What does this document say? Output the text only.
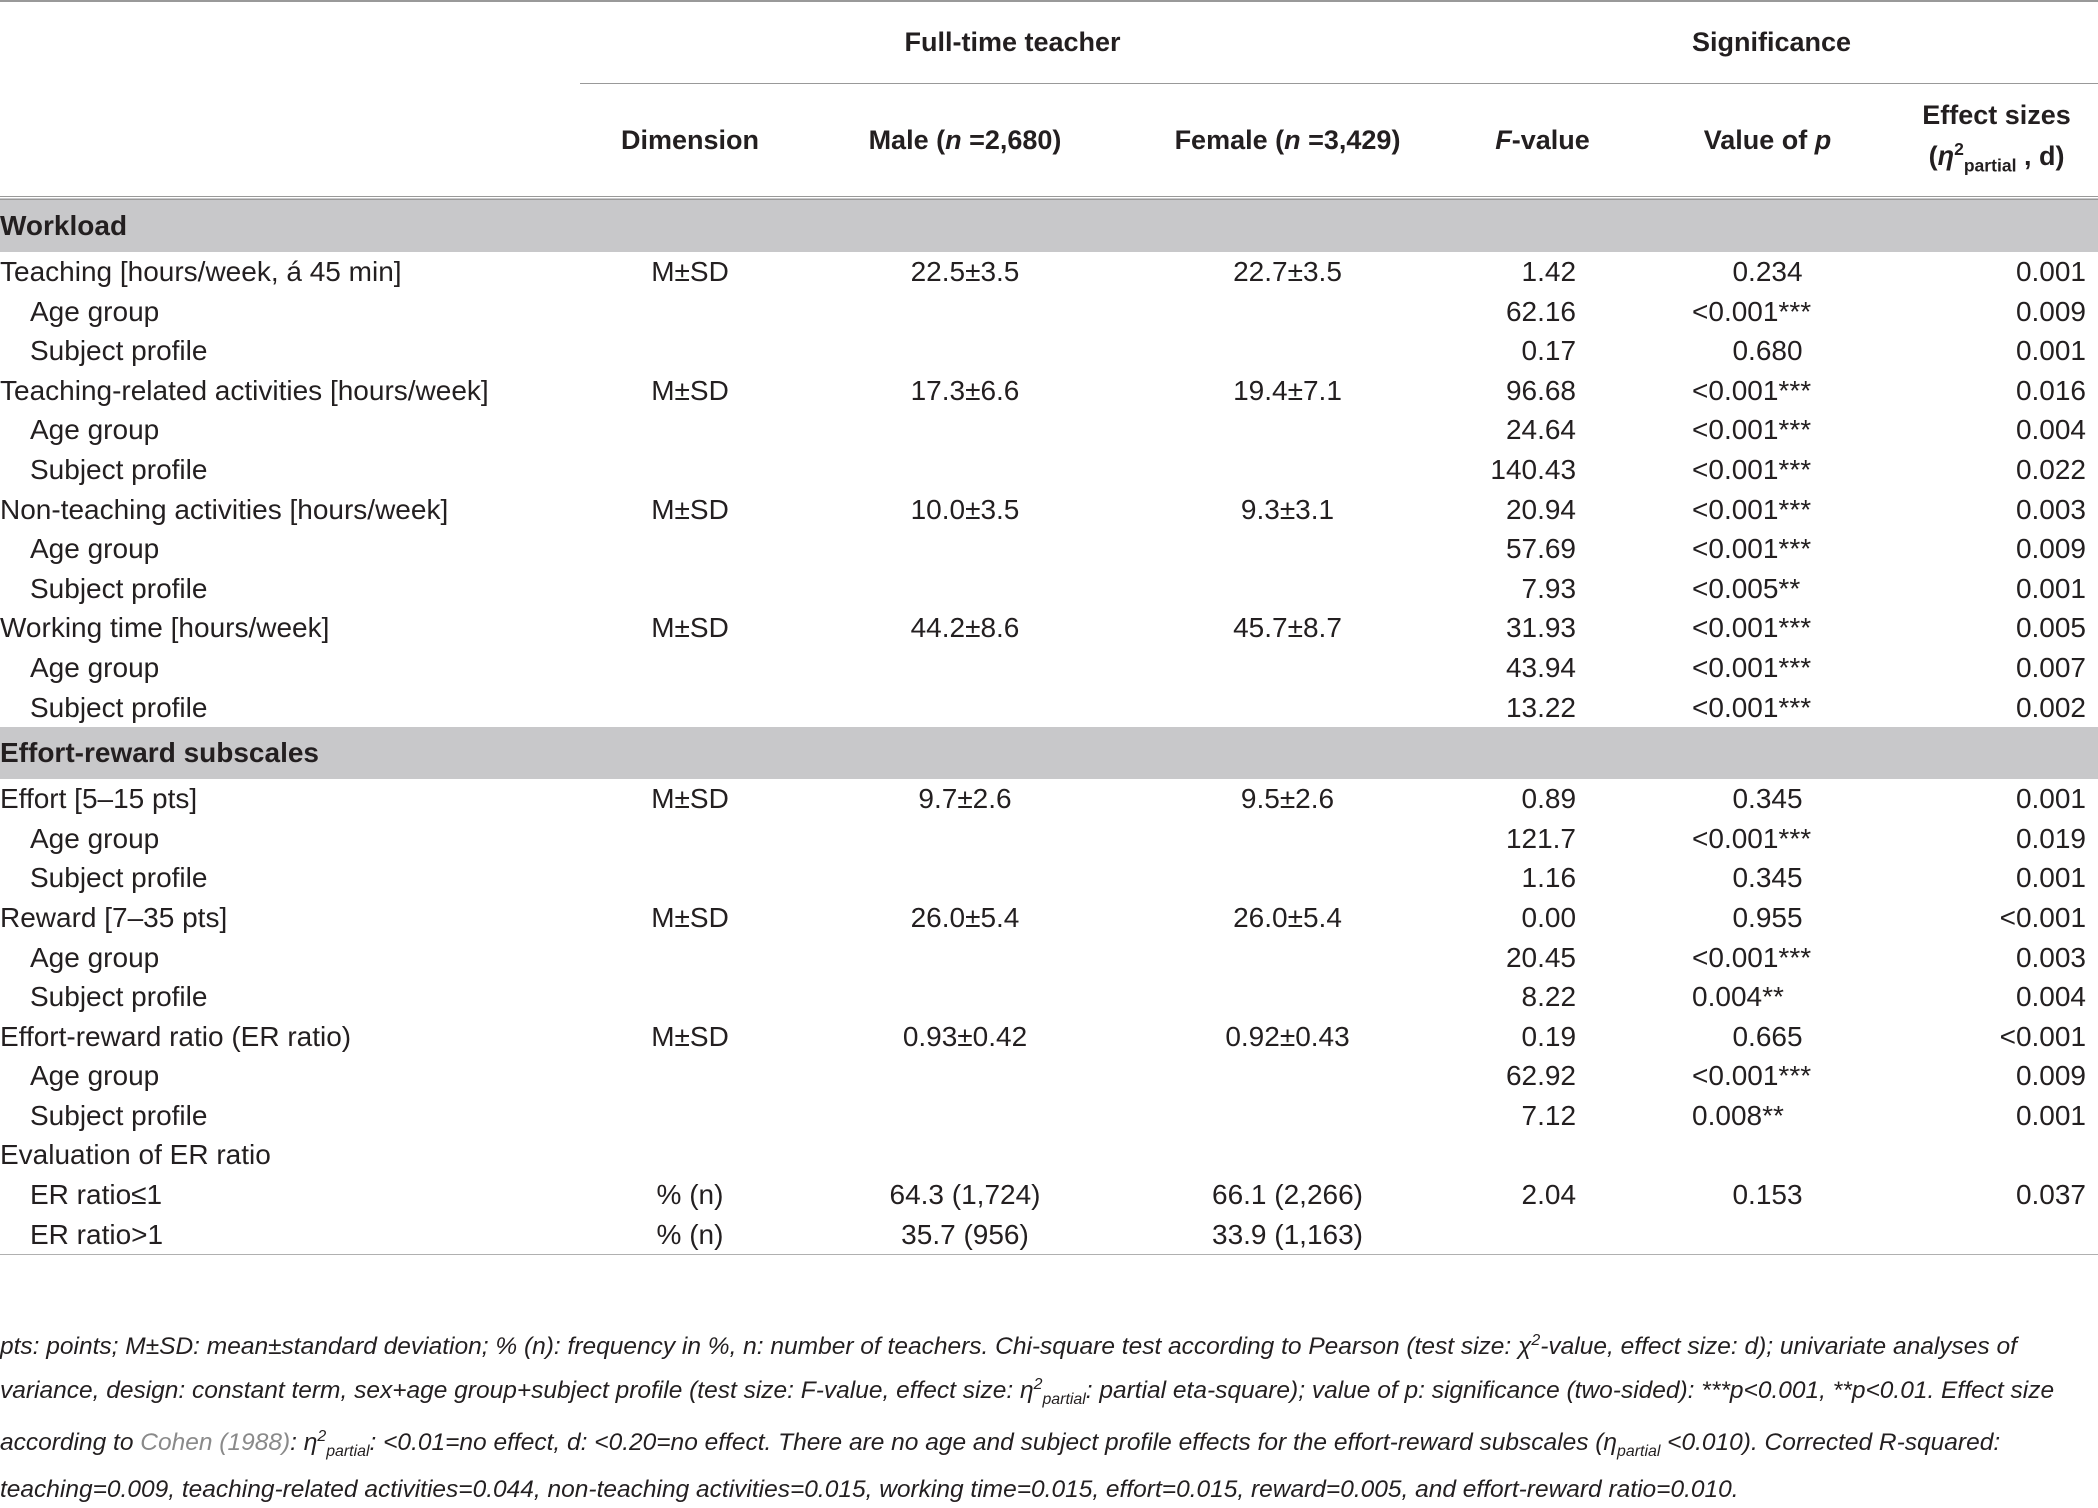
	Full-time teacher			Significance		
	Dimension	Male (n =2,680)	Female (n =3,429)	F-value	Value of p	Effect sizes
($\eta^2_{partial}$ , d)
Workload						
Teaching [hours/week, á 45 min]	M±SD	22.5±3.5	22.7±3.5	1.42	0.234	0.001
Age group				62.16	<0.001***	0.009
Subject profile				0.17	0.680	0.001
Teaching-related activities [hours/week]	M±SD	17.3±6.6	19.4±7.1	96.68	<0.001***	0.016
Age group				24.64	<0.001***	0.004
Subject profile				140.43	<0.001***	0.022
Non-teaching activities [hours/week]	M±SD	10.0±3.5	9.3±3.1	20.94	<0.001***	0.003
Age group				57.69	<0.001***	0.009
Subject profile				7.93	<0.005**	0.001
Working time [hours/week]	M±SD	44.2±8.6	45.7±8.7	31.93	<0.001***	0.005
Age group				43.94	<0.001***	0.007
Subject profile				13.22	<0.001***	0.002
Effort-reward subscales						
Effort [5–15 pts]	M±SD	9.7±2.6	9.5±2.6	0.89	0.345	0.001
Age group				121.7	<0.001***	0.019
Subject profile				1.16	0.345	0.001
Reward [7–35 pts]	M±SD	26.0±5.4	26.0±5.4	0.00	0.955	<0.001
Age group				20.45	<0.001***	0.003
Subject profile				8.22	0.004**	0.004
Effort-reward ratio (ER ratio)	M±SD	0.93±0.42	0.92±0.43	0.19	0.665	<0.001
Age group				62.92	<0.001***	0.009
Subject profile				7.12	0.008**	0.001
Evaluation of ER ratio						
ER ratio≤1	% (n)	64.3 (1,724)	66.1 (2,266)	2.04	0.153	0.037
ER ratio>1	% (n)	35.7 (956)	33.9 (1,163)			
pts: points; M±SD: mean±standard deviation; % (n): frequency in %, n: number of teachers. Chi-square test according to Pearson (test size: $\chi^2$-value, effect size: d); univariate analyses of variance, design: constant term, sex+age group+subject profile (test size: F-value, effect size: $\eta^2_{partial}$: partial eta-square); value of p: significance (two-sided): ***p<0.001, **p<0.01. Effect size according to Cohen (1988): $\eta^2_{partial}$: <0.01=no effect, d: <0.20=no effect. There are no age and subject profile effects for the effort-reward subscales $(\eta_{partial} <0.010)$. Corrected R-squared: teaching=0.009, teaching-related activities=0.044, non-teaching activities=0.015, working time=0.015, effort=0.015, reward=0.005, and effort-reward ratio=0.010.
